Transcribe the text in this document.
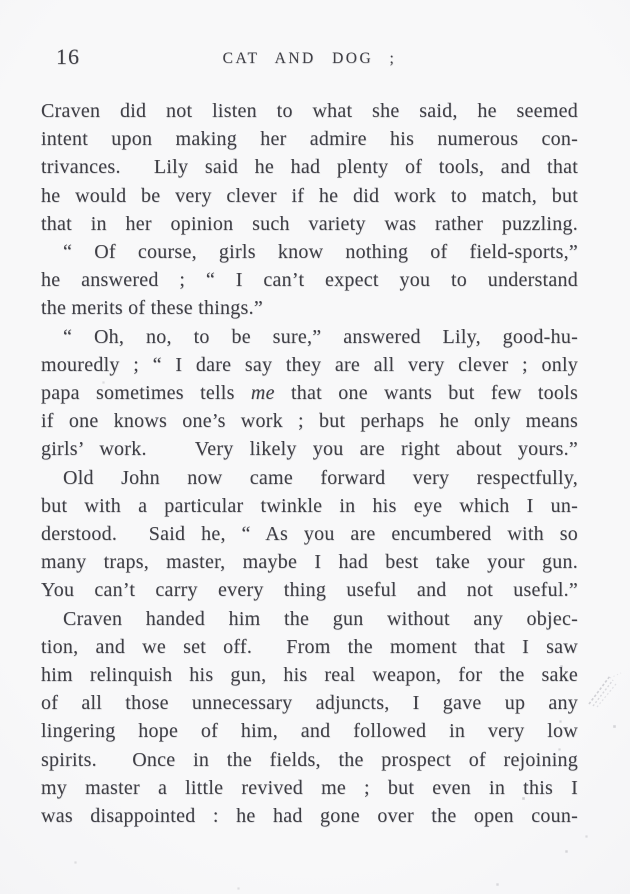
16	CAT AND DOG ;
Craven did not listen to what she said, he seemed
intent upon making her admire his numerous con-
trivances.  Lily said he had plenty of tools, and that
he would be very clever if he did work to match, but
that in her opinion such variety was rather puzzling.
“ Of course, girls know nothing of field-sports,”
he answered ; “ I can’t expect you to understand
the merits of these things.”
“ Oh, no, to be sure,” answered Lily, good-hu-
mouredly ; “ I dare say they are all very clever ; only
papa sometimes tells me that one wants but few tools
if one knows one’s work ; but perhaps he only means
girls’ work.   Very likely you are right about yours.”
Old John now came forward very respectfully,
but with a particular twinkle in his eye which I un-
derstood.  Said he, “ As you are encumbered with so
many traps, master, maybe I had best take your gun.
You can’t carry every thing useful and not useful.”
Craven handed him the gun without any objec-
tion, and we set off.  From the moment that I saw
him relinquish his gun, his real weapon, for the sake
of all those unnecessary adjuncts, I gave up any
lingering hope of him, and followed in very low
spirits.  Once in the fields, the prospect of rejoining
my master a little revived me ; but even in this I
was disappointed : he had gone over the open coun-
